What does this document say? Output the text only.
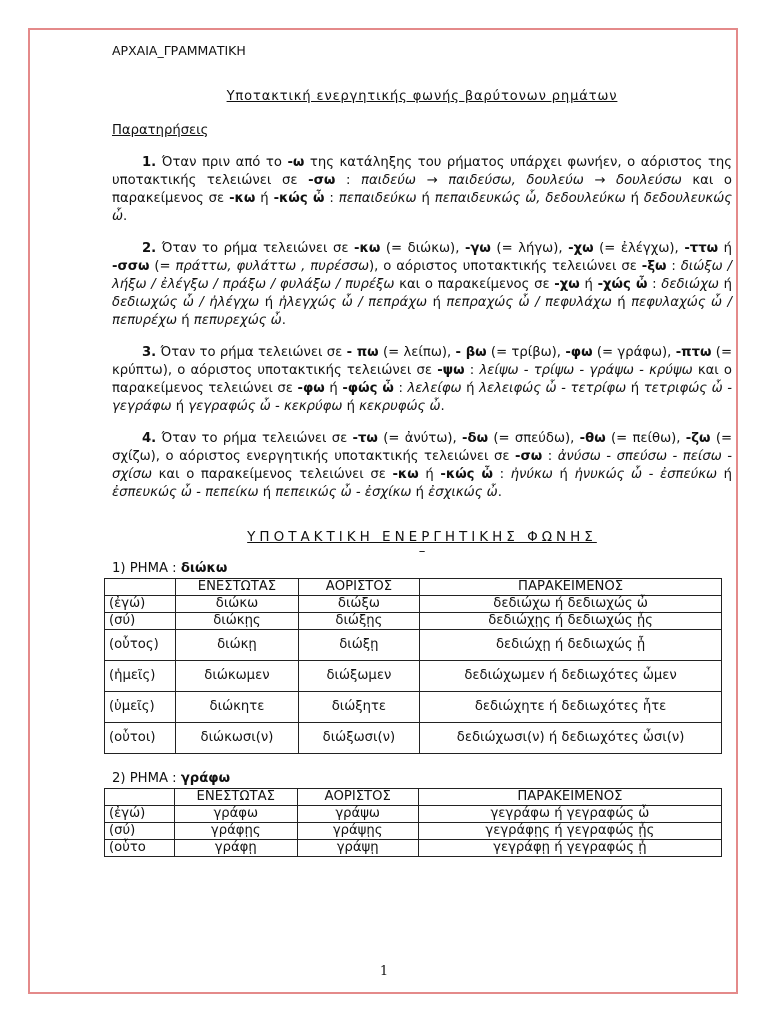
ΑΡΧΑΙΑ_ΓΡΑΜΜΑΤΙΚΗ
Υποτακτική ενεργητικής φωνής βαρύτονων ρημάτων
Παρατηρήσεις

1. Όταν πριν από το -ω της κατάληξης του ρήματος υπάρχει φωνήεν, ο αόριστος της υποτακτικής τελειώνει σε -σω : παιδεύω → παιδεύσω, δουλεύω → δουλεύσω και ο παρακείμενος σε -κω ή -κώς ὦ : πεπαιδεύκω ή πεπαιδευκώς ὦ, δεδουλεύκω ή δεδουλευκώς ὦ.

2. Όταν το ρήμα τελειώνει σε -κω (= διώκω), -γω (= λήγω), -χω (= ἐλέγχω), -ττω ή -σσω (= πράττω, φυλάττω , πυρέσσω), ο αόριστος υποτακτικής τελειώνει σε -ξω : διώξω / λήξω / ἐλέγξω / πράξω / φυλάξω / πυρέξω και ο παρακείμενος σε -χω ή -χώς ὦ : δεδιώχω ή δεδιωχώς ὦ / ἠλέγχω ή ἠλεγχώς ὦ / πεπράχω ή πεπραχώς ὦ / πεφυλάχω ή πεφυλαχώς ὦ / πεπυρέχω ή πεπυρεχώς ὦ.

3. Όταν το ρήμα τελειώνει σε - πω (= λείπω), - βω (= τρίβω), -φω (= γράφω), -πτω (= κρύπτω), ο αόριστος υποτακτικής τελειώνει σε -ψω : λείψω - τρίψω - γράψω - κρύψω και ο παρακείμενος τελειώνει σε -φω ή -φώς ὦ : λελείφω ή λελειφώς ὦ - τετρίφω ή τετριφώς ὦ - γεγράφω ή γεγραφώς ὦ - κεκρύφω ή κεκρυφώς ὦ.

4. Όταν το ρήμα τελειώνει σε -τω (= ἀνύτω), -δω (= σπεύδω), -θω (= πείθω), -ζω (= σχίζω), ο αόριστος ενεργητικής υποτακτικής τελειώνει σε -σω : ἀνύσω - σπεύσω - πείσω - σχίσω και ο παρακείμενος τελειώνει σε -κω ή -κώς ὦ : ἠνύκω ή ἠνυκώς ὦ - ἐσπεύκω ή ἐσπευκώς ὦ - πεπείκω ή πεπεικώς ὦ - ἐσχίκω ή ἐσχικώς ὦ.

ΥΠΟΤΑΚΤΙΚΗ ΕΝΕΡΓΗΤΙΚΗΣ ΦΩΝΗΣ
–
1) ΡΗΜΑ : διώκω
	ΕΝΕΣΤΩΤΑΣ	ΑΟΡΙΣΤΟΣ	ΠΑΡΑΚΕΙΜΕΝΟΣ
(ἐγώ)	διώκω	διώξω	δεδιώχω ή δεδιωχώς ὦ
(σύ)	διώκῃς	διώξῃς	δεδιώχῃς ή δεδιωχώς ᾖς
(οὗτος)	διώκῃ	διώξῃ	δεδιώχῃ ή δεδιωχώς ᾖ
(ἡμεῖς)	διώκωμεν	διώξωμεν	δεδιώχωμεν ή δεδιωχότες ὦμεν
(ὑμεῖς)	διώκητε	διώξητε	δεδιώχητε ή δεδιωχότες ἦτε
(οὗτοι)	διώκωσι(ν)	διώξωσι(ν)	δεδιώχωσι(ν) ή δεδιωχότες ὦσι(ν)
2) ΡΗΜΑ : γράφω
	ΕΝΕΣΤΩΤΑΣ	ΑΟΡΙΣΤΟΣ	ΠΑΡΑΚΕΙΜΕΝΟΣ
(ἐγώ)	γράφω	γράψω	γεγράφω ή γεγραφώς ὦ
(σύ)	γράφῃς	γράψῃς	γεγράφῃς ή γεγραφώς ᾖς
(οὗτο	γράφῃ	γράψῃ	γεγράφῃ ή γεγραφώς ᾖ
1
